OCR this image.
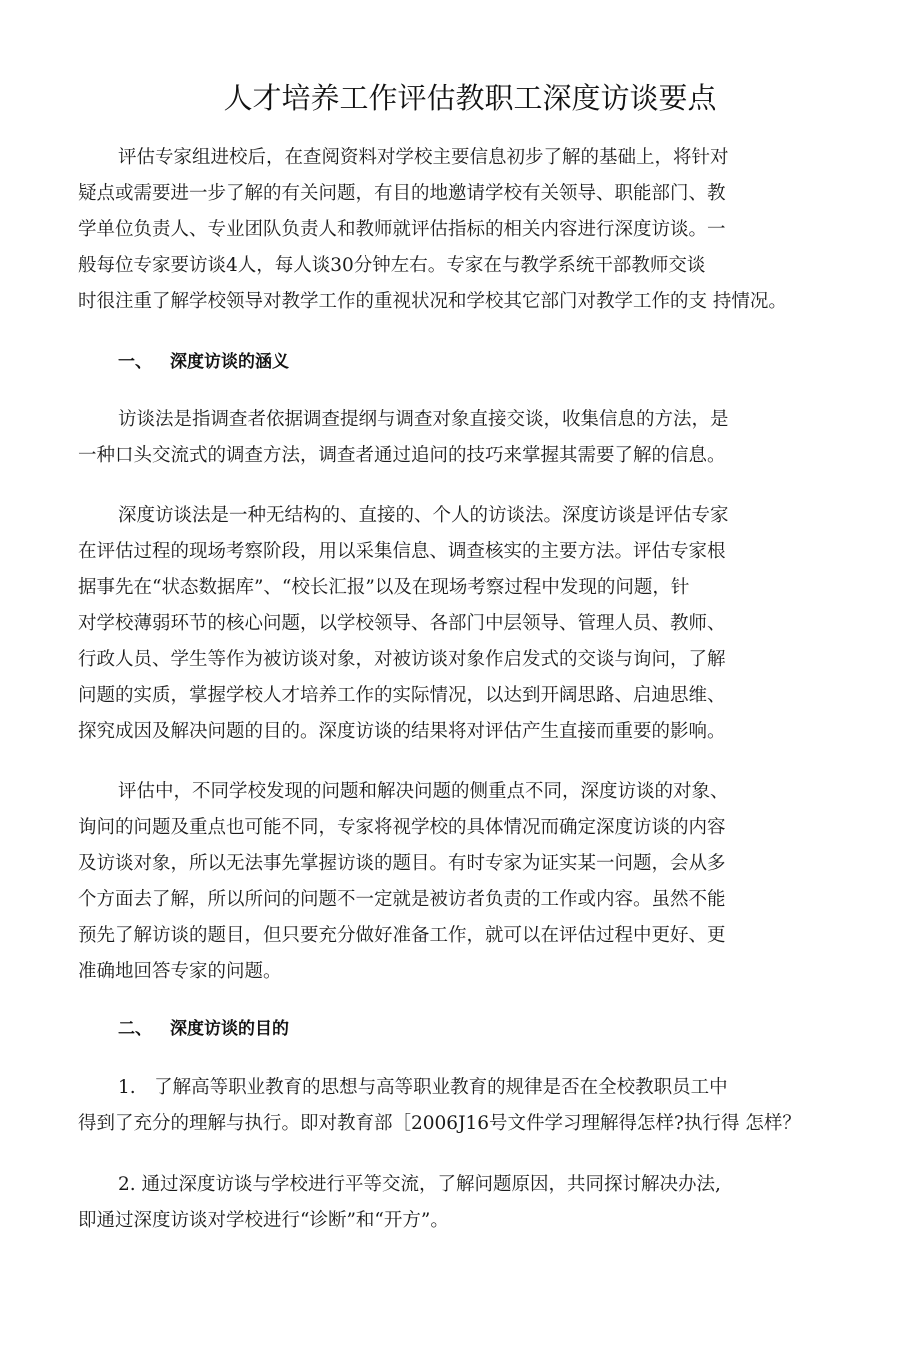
人才培养工作评估教职工深度访谈要点
评估专家组进校后，在查阅资料对学校主要信息初步了解的基础上，将针对
疑点或需要进一步了解的有关问题，有目的地邀请学校有关领导、职能部门、教
学单位负责人、专业团队负责人和教师就评估指标的相关内容进行深度访谈。一
般每位专家要访谈4人，每人谈30分钟左右。专家在与教学系统干部教师交谈
时很注重了解学校领导对教学工作的重视状况和学校其它部门对教学工作的支 持情况。
一、 深度访谈的涵义
访谈法是指调查者依据调查提纲与调查对象直接交谈，收集信息的方法，是
一种口头交流式的调查方法，调查者通过追问的技巧来掌握其需要了解的信息。
深度访谈法是一种无结构的、直接的、个人的访谈法。深度访谈是评估专家
在评估过程的现场考察阶段，用以采集信息、调查核实的主要方法。评估专家根
据事先在“状态数据库”、“校长汇报”以及在现场考察过程中发现的问题，针
对学校薄弱环节的核心问题，以学校领导、各部门中层领导、管理人员、教师、
行政人员、学生等作为被访谈对象，对被访谈对象作启发式的交谈与询问，了解
问题的实质，掌握学校人才培养工作的实际情况，以达到开阔思路、启迪思维、
探究成因及解决问题的目的。深度访谈的结果将对评估产生直接而重要的影响。
评估中，不同学校发现的问题和解决问题的侧重点不同，深度访谈的对象、
询问的问题及重点也可能不同，专家将视学校的具体情况而确定深度访谈的内容
及访谈对象，所以无法事先掌握访谈的题目。有时专家为证实某一问题，会从多
个方面去了解，所以所问的问题不一定就是被访者负责的工作或内容。虽然不能
预先了解访谈的题目，但只要充分做好准备工作，就可以在评估过程中更好、更
准确地回答专家的问题。
二、 深度访谈的目的
1.　了解高等职业教育的思想与高等职业教育的规律是否在全校教职员工中
得到了充分的理解与执行。即对教育部［2006J16号文件学习理解得怎样?执行得 怎样？
2. 通过深度访谈与学校进行平等交流，了解问题原因，共同探讨解决办法,
即通过深度访谈对学校进行“诊断”和“开方”。
